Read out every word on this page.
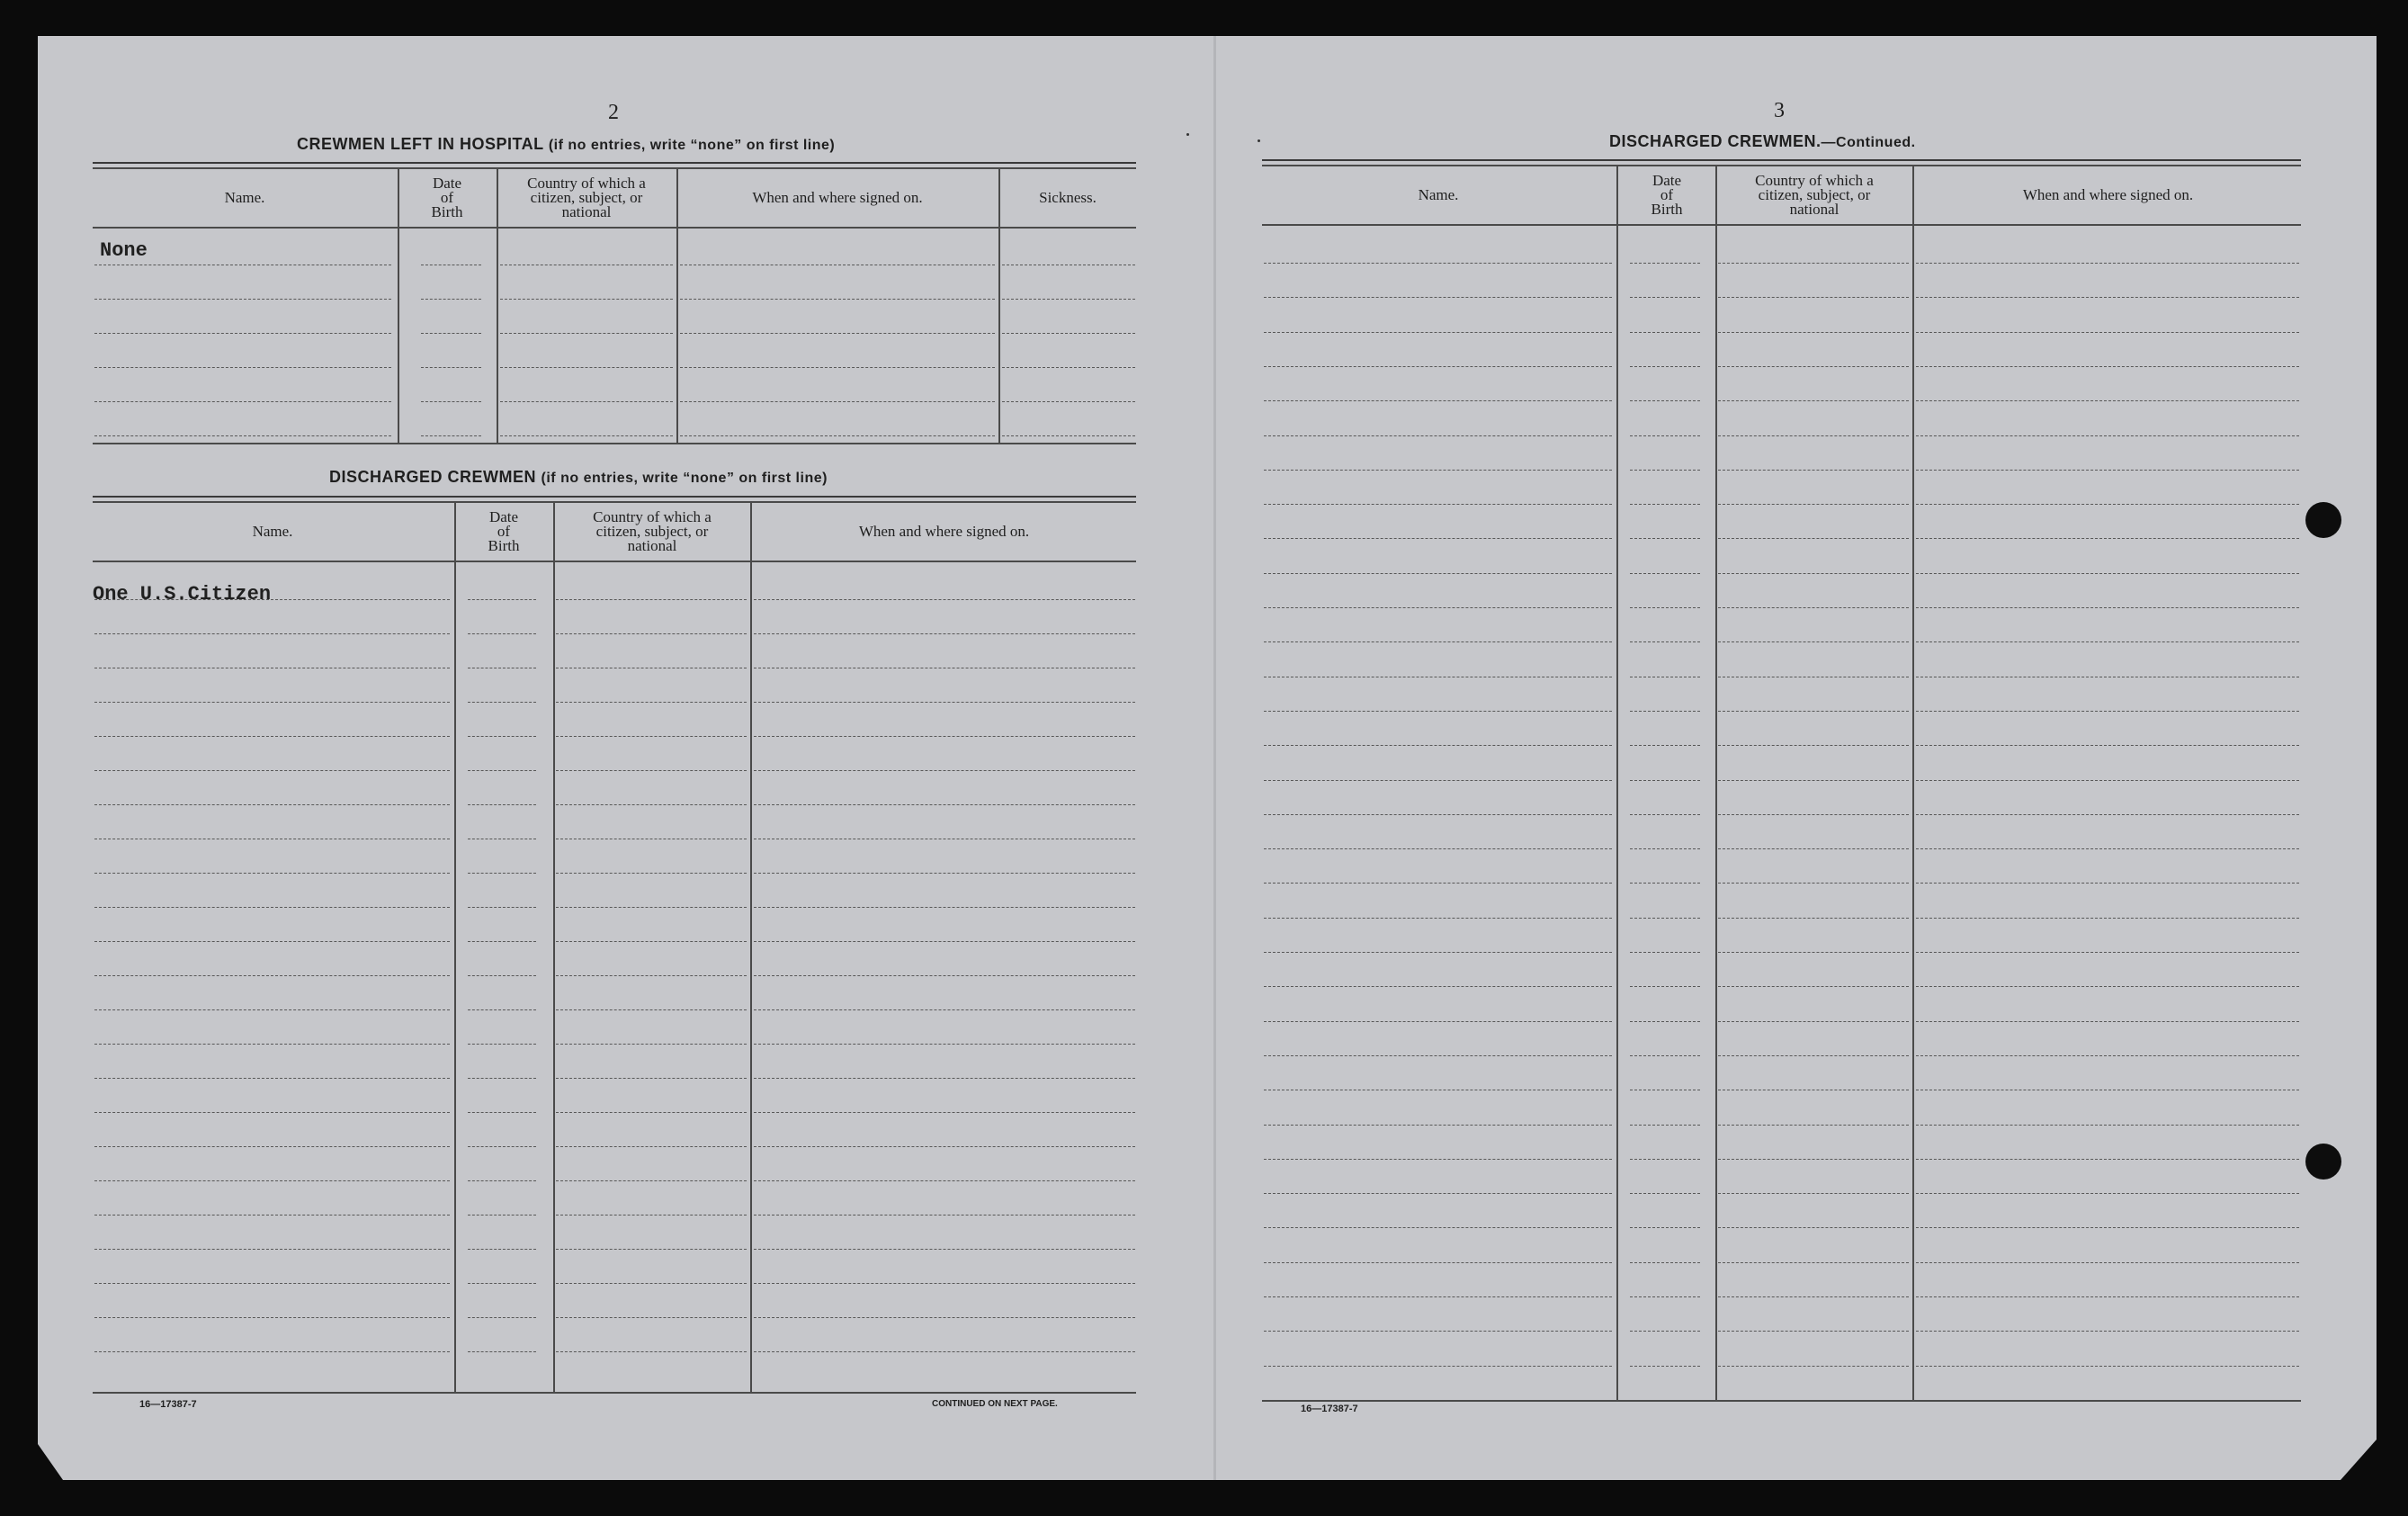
2
CREWMEN LEFT IN HOSPITAL (if no entries, write “none” on first line)
Name.
Date
of
Birth
Country of which a
citizen, subject, or
national
When and where signed on.	Sickness.
None
DISCHARGED CREWMEN (if no entries, write “none” on first line)
Name.
Date
of
Birth
Country of which a
citizen, subject, or
national
When and where signed on.
One U.S.Citizen
16—17387-7	CONTINUED ON NEXT PAGE.
3
DISCHARGED CREWMEN.—Continued.
Name.
Date
of
Birth
Country of which a
citizen, subject, or
national
When and where signed on.
16—17387-7
